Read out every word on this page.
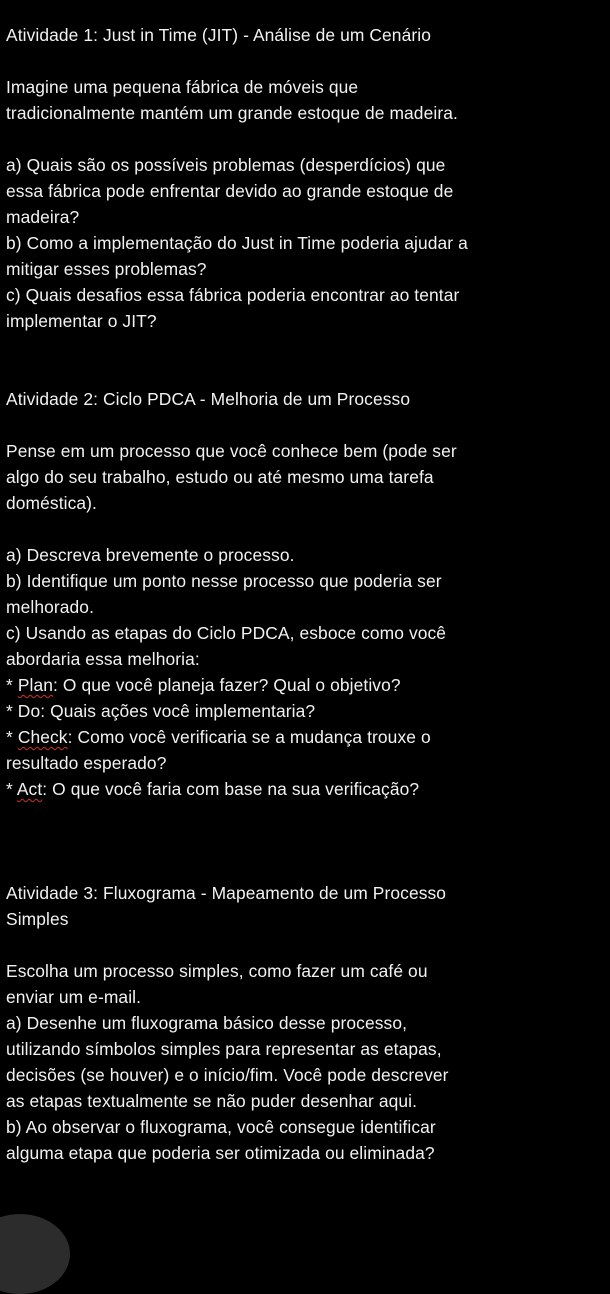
Atividade 1: Just in Time (JIT) - Análise de um Cenário
Imagine uma pequena fábrica de móveis que
tradicionalmente mantém um grande estoque de madeira.
a) Quais são os possíveis problemas (desperdícios) que
essa fábrica pode enfrentar devido ao grande estoque de
madeira?
b) Como a implementação do Just in Time poderia ajudar a
mitigar esses problemas?
c) Quais desafios essa fábrica poderia encontrar ao tentar
implementar o JIT?
Atividade 2: Ciclo PDCA - Melhoria de um Processo
Pense em um processo que você conhece bem (pode ser
algo do seu trabalho, estudo ou até mesmo uma tarefa
doméstica).
a) Descreva brevemente o processo.
b) Identifique um ponto nesse processo que poderia ser
melhorado.
c) Usando as etapas do Ciclo PDCA, esboce como você
abordaria essa melhoria:
* Plan: O que você planeja fazer? Qual o objetivo?
* Do: Quais ações você implementaria?
* Check: Como você verificaria se a mudança trouxe o
resultado esperado?
* Act: O que você faria com base na sua verificação?
Atividade 3: Fluxograma - Mapeamento de um Processo
Simples
Escolha um processo simples, como fazer um café ou
enviar um e-mail.
a) Desenhe um fluxograma básico desse processo,
utilizando símbolos simples para representar as etapas,
decisões (se houver) e o início/fim. Você pode descrever
as etapas textualmente se não puder desenhar aqui.
b) Ao observar o fluxograma, você consegue identificar
alguma etapa que poderia ser otimizada ou eliminada?
